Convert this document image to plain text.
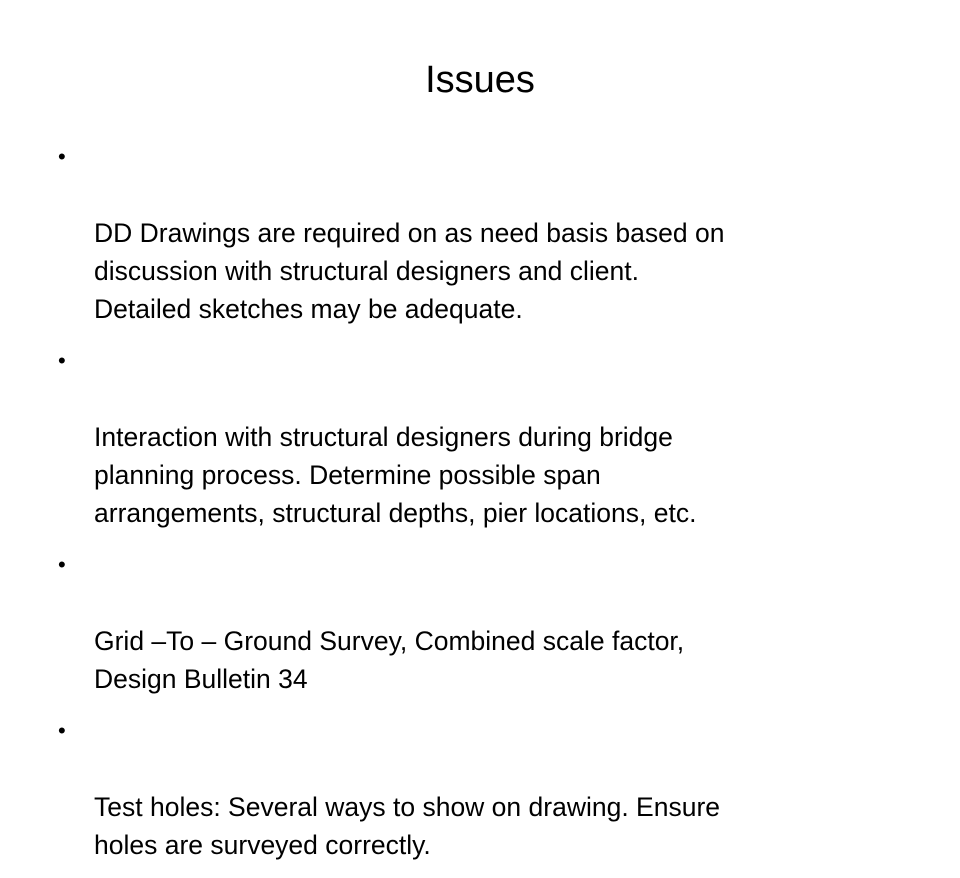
Issues

•

DD Drawings are required on as need basis based on
discussion with structural designers and client.
Detailed sketches may be adequate.

•

Interaction with structural designers during bridge
planning process. Determine possible span
arrangements, structural depths, pier locations, etc.

•

Grid –To – Ground Survey, Combined scale factor,
Design Bulletin 34

•

Test holes: Several ways to show on drawing. Ensure
holes are surveyed correctly.
